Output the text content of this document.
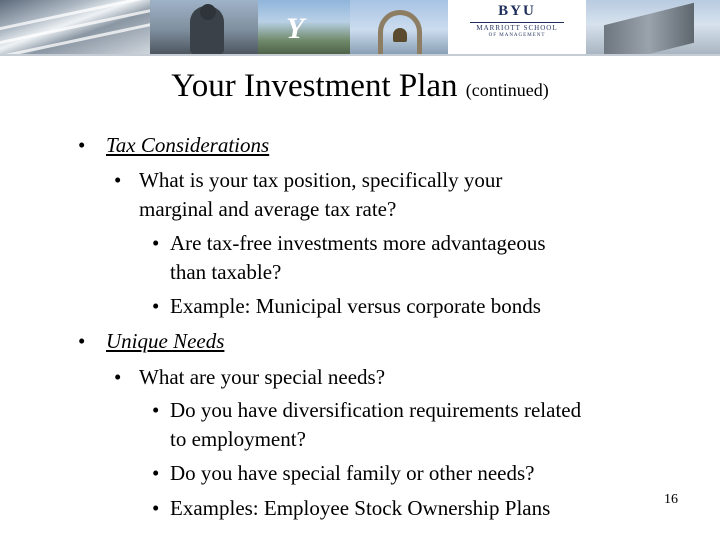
Y
BYU
MARRIOTT SCHOOL
OF MANAGEMENT
Your Investment Plan (continued)
• Tax Considerations
• What is your tax position, specifically your
marginal and average tax rate?
• Are tax-free investments more advantageous
than taxable?
• Example: Municipal versus corporate bonds
• Unique Needs
• What are your special needs?
• Do you have diversification requirements related
to employment?
• Do you have special family or other needs?
• Examples: Employee Stock Ownership Plans	16
